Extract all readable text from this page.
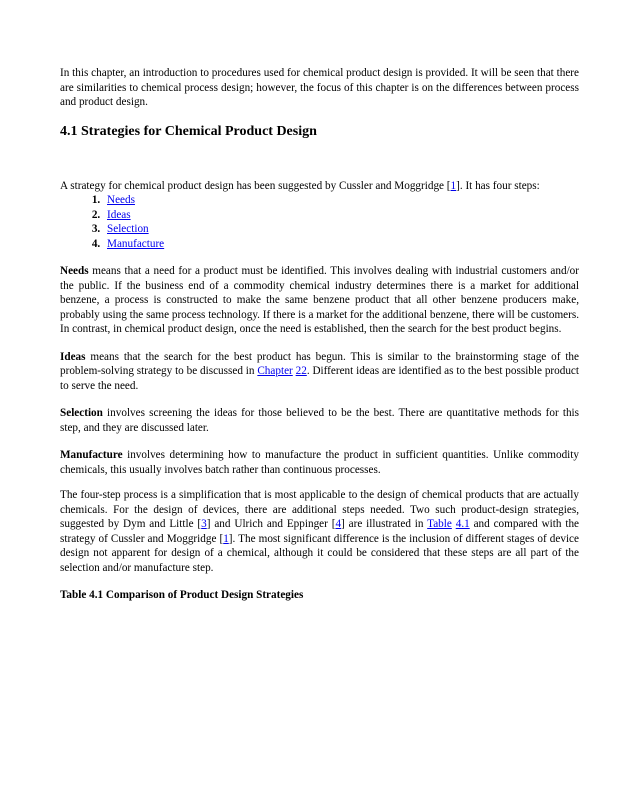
In this chapter, an introduction to procedures used for chemical product design is provided. It will be seen that there are similarities to chemical process design; however, the focus of this chapter is on the differences between process and product design.

4.1 Strategies for Chemical Product Design

A strategy for chemical product design has been suggested by Cussler and Moggridge [1]. It has four steps:

1. Needs
2. Ideas
3. Selection
4. Manufacture

Needs means that a need for a product must be identified. This involves dealing with industrial customers and/or the public. If the business end of a commodity chemical industry determines there is a market for additional benzene, a process is constructed to make the same benzene product that all other benzene producers make, probably using the same process technology. If there is a market for the additional benzene, there will be customers. In contrast, in chemical product design, once the need is established, then the search for the best product begins.

Ideas means that the search for the best product has begun. This is similar to the brainstorming stage of the problem-solving strategy to be discussed in Chapter 22. Different ideas are identified as to the best possible product to serve the need.

Selection involves screening the ideas for those believed to be the best. There are quantitative methods for this step, and they are discussed later.

Manufacture involves determining how to manufacture the product in sufficient quantities. Unlike commodity chemicals, this usually involves batch rather than continuous processes.

The four-step process is a simplification that is most applicable to the design of chemical products that are actually chemicals. For the design of devices, there are additional steps needed. Two such product-design strategies, suggested by Dym and Little [3] and Ulrich and Eppinger [4] are illustrated in Table 4.1 and compared with the strategy of Cussler and Moggridge [1]. The most significant difference is the inclusion of different stages of device design not apparent for design of a chemical, although it could be considered that these steps are all part of the selection and/or manufacture step.

Table 4.1 Comparison of Product Design Strategies
